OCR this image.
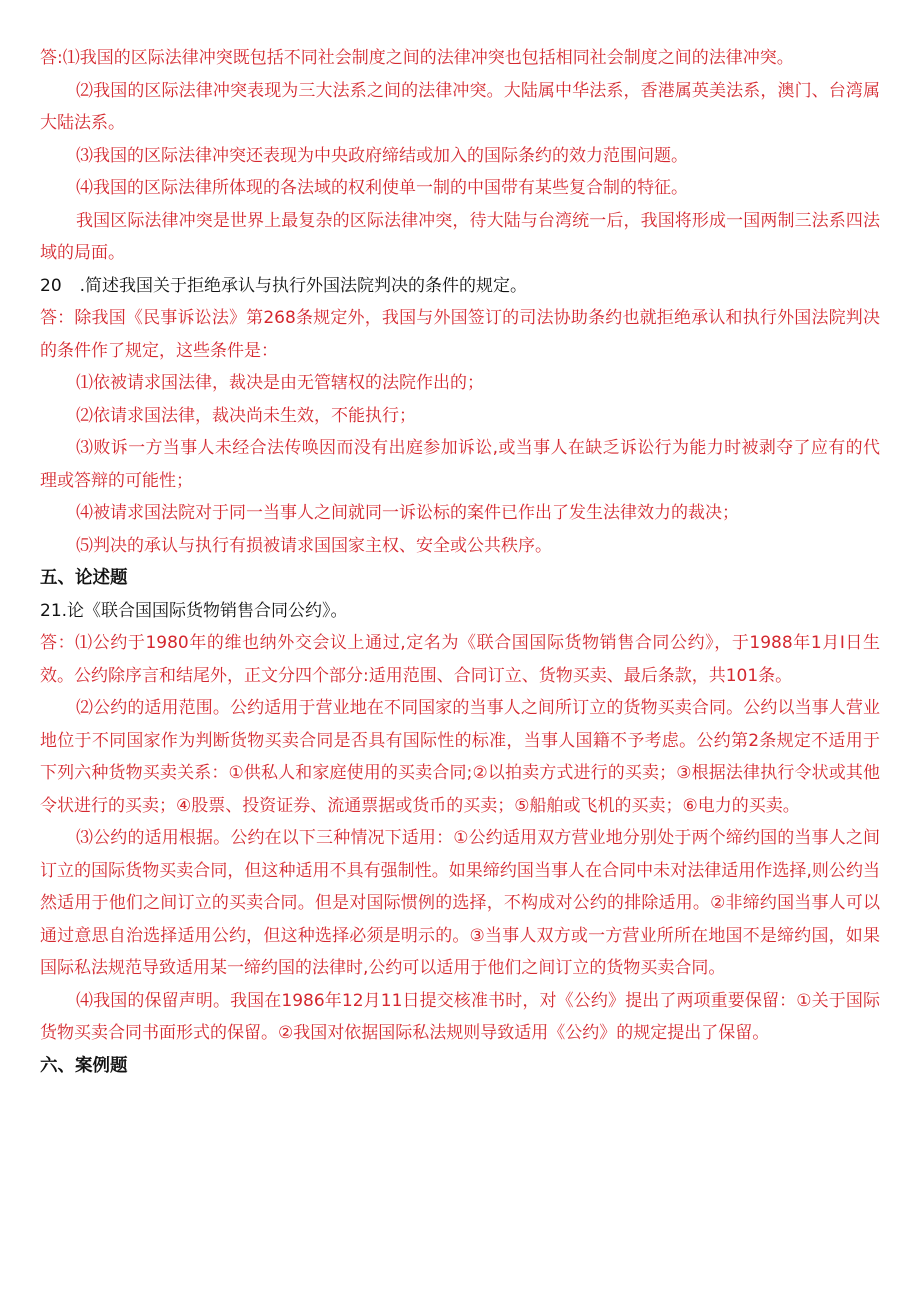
答:⑴我国的区际法律冲突既包括不同社会制度之间的法律冲突也包括相同社会制度之间的法律冲突。

⑵我国的区际法律冲突表现为三大法系之间的法律冲突。大陆属中华法系，香港属英美法系，澳门、台湾属大陆法系。

⑶我国的区际法律冲突还表现为中央政府缔结或加入的国际条约的效力范围问题。

⑷我国的区际法律所体现的各法域的权利使单一制的中国带有某些复合制的特征。

我国区际法律冲突是世界上最复杂的区际法律冲突，待大陆与台湾统一后，我国将形成一国两制三法系四法域的局面。

20 .简述我国关于拒绝承认与执行外国法院判决的条件的规定。

答：除我国《民事诉讼法》第268条规定外，我国与外国签订的司法协助条约也就拒绝承认和执行外国法院判决的条件作了规定，这些条件是：

⑴依被请求国法律，裁决是由无管辖权的法院作出的；

⑵依请求国法律，裁决尚未生效，不能执行；

⑶败诉一方当事人未经合法传唤因而没有出庭参加诉讼,或当事人在缺乏诉讼行为能力时被剥夺了应有的代理或答辩的可能性；

⑷被请求国法院对于同一当事人之间就同一诉讼标的案件已作出了发生法律效力的裁决；

⑸判决的承认与执行有损被请求国国家主权、安全或公共秩序。

五、论述题

21.论《联合国国际货物销售合同公约》。

答：⑴公约于1980年的维也纳外交会议上通过,定名为《联合国国际货物销售合同公约》，于1988年1月I日生效。公约除序言和结尾外，正文分四个部分:适用范围、合同订立、货物买卖、最后条款，共101条。

⑵公约的适用范围。公约适用于营业地在不同国家的当事人之间所订立的货物买卖合同。公约以当事人营业地位于不同国家作为判断货物买卖合同是否具有国际性的标准，当事人国籍不予考虑。公约第2条规定不适用于下列六种货物买卖关系：①供私人和家庭使用的买卖合同;②以拍卖方式进行的买卖；③根据法律执行令状或其他令状进行的买卖；④股票、投资证券、流通票据或货币的买卖；⑤船舶或飞机的买卖；⑥电力的买卖。

⑶公约的适用根据。公约在以下三种情况下适用：①公约适用双方营业地分别处于两个缔约国的当事人之间订立的国际货物买卖合同，但这种适用不具有强制性。如果缔约国当事人在合同中未对法律适用作选择,则公约当然适用于他们之间订立的买卖合同。但是对国际惯例的选择，不构成对公约的排除适用。②非缔约国当事人可以通过意思自治选择适用公约，但这种选择必须是明示的。③当事人双方或一方营业所所在地国不是缔约国，如果国际私法规范导致适用某一缔约国的法律时,公约可以适用于他们之间订立的货物买卖合同。

⑷我国的保留声明。我国在1986年12月11日提交核准书时，对《公约》提出了两项重要保留：①关于国际货物买卖合同书面形式的保留。②我国对依据国际私法规则导致适用《公约》的规定提出了保留。

六、案例题
